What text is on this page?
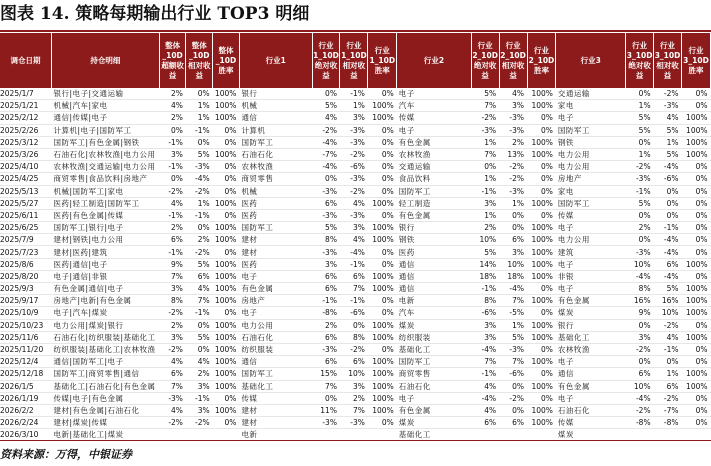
图表 14. 策略每期输出行业 TOP3 明细
调仓日期	持仓明细	整体_10D超额收益	整体_10D相对收益	整体_10D胜率	行业1	行业1_10D绝对收益	行业1_10D相对收益	行业1_10D胜率	行业2	行业2_10D绝对收益	行业2_10D相对收益	行业2_10D胜率	行业3	行业3_10D绝对收益	行业3_10D相对收益	行业3_10D胜率
2025/1/7	银行|电子|交通运输	2%	0%	100%	银行	0%	-1%	0%	电子	5%	4%	100%	交通运输	0%	-2%	0%
2025/1/21	机械|汽车|家电	4%	1%	100%	机械	5%	1%	100%	汽车	7%	3%	100%	家电	1%	-3%	0%
2025/2/12	通信|传媒|电子	2%	1%	100%	通信	4%	3%	100%	传媒	-2%	-3%	0%	电子	5%	4%	100%
2025/2/26	计算机|电子|国防军工	0%	-1%	0%	计算机	-2%	-3%	0%	电子	-3%	-3%	0%	国防军工	5%	5%	100%
2025/3/12	国防军工|有色金属|钢铁	-1%	0%	0%	国防军工	-4%	-3%	0%	有色金属	1%	2%	100%	钢铁	0%	1%	100%
2025/3/26	石油石化|农林牧渔|电力公用	3%	5%	100%	石油石化	-7%	-2%	0%	农林牧渔	7%	13%	100%	电力公用	1%	5%	100%
2025/4/10	农林牧渔|交通运输|电力公用	-1%	-3%	0%	农林牧渔	-4%	-6%	0%	交通运输	0%	-2%	0%	电力公用	-2%	-4%	0%
2025/4/25	商贸零售|食品饮料|房地产	0%	-4%	0%	商贸零售	0%	-3%	0%	食品饮料	1%	-2%	0%	房地产	-3%	-6%	0%
2025/5/13	机械|国防军工|家电	-2%	-2%	0%	机械	-3%	-2%	0%	国防军工	-1%	-3%	0%	家电	-1%	0%	0%
2025/5/27	医药|轻工制造|国防军工	4%	1%	100%	医药	6%	4%	100%	轻工制造	3%	1%	100%	国防军工	5%	0%	0%
2025/6/11	医药|有色金属|传媒	-1%	-1%	0%	医药	-3%	-3%	0%	有色金属	1%	0%	0%	传媒	0%	0%	0%
2025/6/25	国防军工|银行|电子	2%	0%	100%	国防军工	5%	3%	100%	银行	2%	0%	100%	电子	2%	-1%	0%
2025/7/9	建材|钢铁|电力公用	6%	2%	100%	建材	8%	4%	100%	钢铁	10%	6%	100%	电力公用	0%	-4%	0%
2025/7/23	建材|医药|建筑	-1%	-2%	0%	建材	-3%	-4%	0%	医药	5%	3%	100%	建筑	-3%	-4%	0%
2025/8/6	医药|通信|电子	9%	5%	100%	医药	3%	-1%	0%	通信	14%	10%	100%	电子	10%	6%	100%
2025/8/20	电子|通信|非银	7%	6%	100%	电子	6%	6%	100%	通信	18%	18%	100%	非银	-4%	-4%	0%
2025/9/3	有色金属|通信|电子	3%	4%	100%	有色金属	6%	7%	100%	通信	-1%	-4%	0%	电子	8%	5%	100%
2025/9/17	房地产|电新|有色金属	8%	7%	100%	房地产	-1%	-1%	0%	电新	8%	7%	100%	有色金属	16%	16%	100%
2025/10/9	电子|汽车|煤炭	-2%	-1%	0%	电子	-8%	-6%	0%	汽车	-6%	-5%	0%	煤炭	9%	10%	100%
2025/10/23	电力公用|煤炭|银行	2%	0%	100%	电力公用	2%	0%	100%	煤炭	3%	1%	100%	银行	0%	-2%	0%
2025/11/6	石油石化|纺织服装|基础化工	3%	5%	100%	石油石化	6%	8%	100%	纺织服装	3%	5%	100%	基础化工	3%	4%	100%
2025/11/20	纺织服装|基础化工|农林牧渔	-2%	0%	100%	纺织服装	-3%	-2%	0%	基础化工	-4%	-3%	0%	农林牧渔	-2%	-1%	0%
2025/12/4	通信|国防军工|电子	4%	4%	100%	通信	6%	6%	100%	国防军工	7%	7%	100%	电子	0%	0%	0%
2025/12/18	国防军工|商贸零售|通信	6%	2%	100%	国防军工	15%	10%	100%	商贸零售	-1%	-6%	0%	通信	6%	1%	100%
2026/1/5	基础化工|石油石化|有色金属	7%	3%	100%	基础化工	7%	3%	100%	石油石化	4%	0%	100%	有色金属	10%	6%	100%
2026/1/19	传媒|电子|有色金属	-3%	-1%	0%	传媒	0%	2%	100%	电子	-4%	-2%	0%	电子	-4%	-2%	0%
2026/2/2	建材|有色金属|石油石化	4%	3%	100%	建材	11%	7%	100%	有色金属	4%	0%	100%	石油石化	-2%	-7%	0%
2026/2/24	建材|煤炭|传媒	-2%	-2%	0%	建材	-3%	-3%	0%	煤炭	6%	6%	100%	传媒	-8%	-8%	0%
2026/3/10	电新|基础化工|煤炭				电新				基础化工				煤炭			
资料来源：万得，中银证券
